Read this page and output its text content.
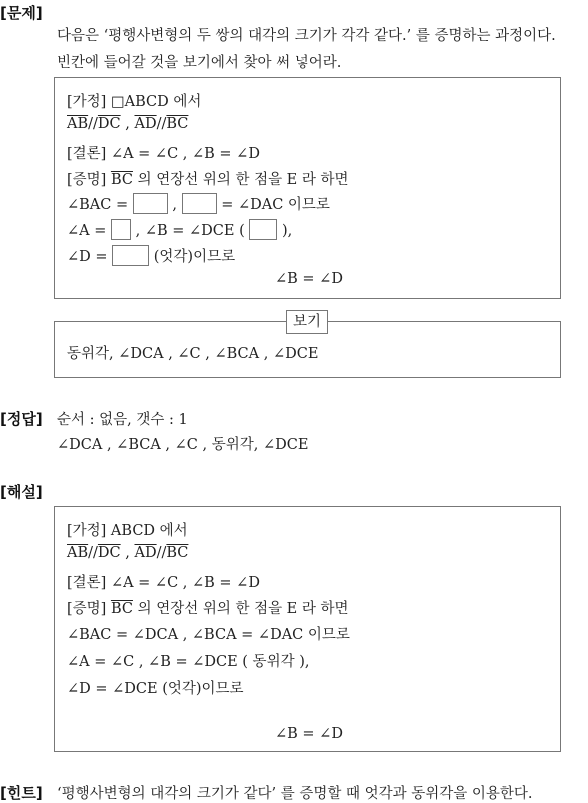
[문제]
다음은 ‘평행사변형의 두 쌍의 대각의 크기가 각각 같다.’ 를 증명하는 과정이다.
빈칸에 들어갈 것을 보기에서 찾아 써 넣어라.
[가정] □ABCD 에서
$\overline{AB}//\overline{DC}$ , $\overline{AD}//\overline{BC}$
[결론] ∠A = ∠C , ∠B = ∠D
[증명] $\overline{BC}$ 의 연장선 위의 한 점을 E 라 하면
∠BAC =	,	= ∠DAC 이므로
∠A = , ∠B = ∠DCE (	),
∠D =	(엇각)이므로
∠B = ∠D
동위각, ∠DCA , ∠C , ∠BCA , ∠DCE
보기
[정답] 순서 : 없음, 갯수 : 1
∠DCA , ∠BCA , ∠C , 동위각, ∠DCE
[해설]
[가정] ABCD 에서
$\overline{AB}//\overline{DC}$ , $\overline{AD}//\overline{BC}$
[결론] ∠A = ∠C , ∠B = ∠D
[증명] $\overline{BC}$ 의 연장선 위의 한 점을 E 라 하면
∠BAC = ∠DCA , ∠BCA = ∠DAC 이므로
∠A = ∠C , ∠B = ∠DCE ( 동위각 ),
∠D = ∠DCE (엇각)이므로
∠B = ∠D
[힌트] ‘평행사변형의 대각의 크기가 같다’ 를 증명할 때 엇각과 동위각을 이용한다.
